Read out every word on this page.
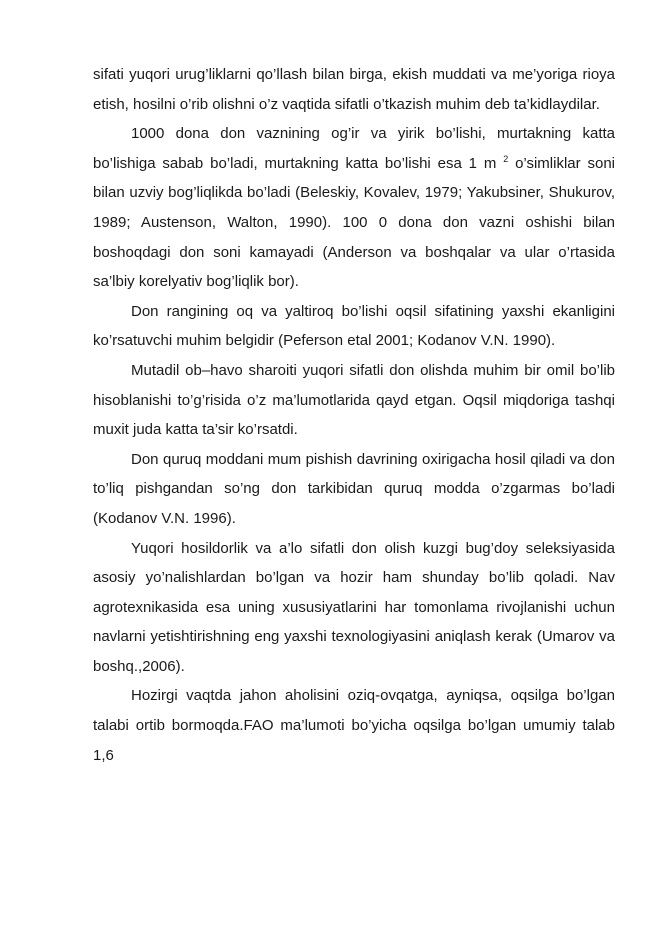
sifati yuqori urug’liklarni qo’llash bilan birga, ekish muddati va me’yoriga rioya etish, hosilni o’rib olishni o’z vaqtida sifatli o’tkazish muhim deb ta’kidlaydilar.

1000 dona don vaznining og’ir va yirik bo’lishi, murtakning katta bo’lishiga sabab bo’ladi, murtakning katta bo’lishi esa 1 m $^2$ o’simliklar soni bilan uzviy bog’liqlikda bo’ladi (Beleskiy, Kovalev, 1979; Yakubsiner, Shukurov, 1989; Austenson, Walton, 1990). 100 0 dona don vazni oshishi bilan boshoqdagi don soni kamayadi (Anderson va boshqalar va ular o’rtasida sa’lbiy korelyativ bog’liqlik bor).

Don rangining oq va yaltiroq bo’lishi oqsil sifatining yaxshi ekanligini ko’rsatuvchi muhim belgidir (Peferson etal 2001; Kodanov V.N. 1990).

Mutadil ob–havo sharoiti yuqori sifatli don olishda muhim bir omil bo’lib hisoblanishi to’g’risida o’z ma’lumotlarida qayd etgan. Oqsil miqdoriga tashqi muxit juda katta ta’sir ko’rsatdi.

Don quruq moddani mum pishish davrining oxirigacha hosil qiladi va don to’liq pishgandan so’ng don tarkibidan quruq modda o’zgarmas bo’ladi (Kodanov V.N. 1996).

Yuqori hosildorlik va a’lo sifatli don olish kuzgi bug’doy seleksiyasida asosiy yo’nalishlardan bo’lgan va hozir ham shunday bo’lib qoladi. Nav agrotexnikasida esa uning xususiyatlarini har tomonlama rivojlanishi uchun navlarni yetishtirishning eng yaxshi texnologiyasini aniqlash kerak (Umarov va boshq.,2006).

Hozirgi vaqtda jahon aholisini oziq-ovqatga, ayniqsa, oqsilga bo’lgan talabi ortib bormoqda.FAO ma’lumoti bo’yicha oqsilga bo’lgan umumiy talab 1,6
